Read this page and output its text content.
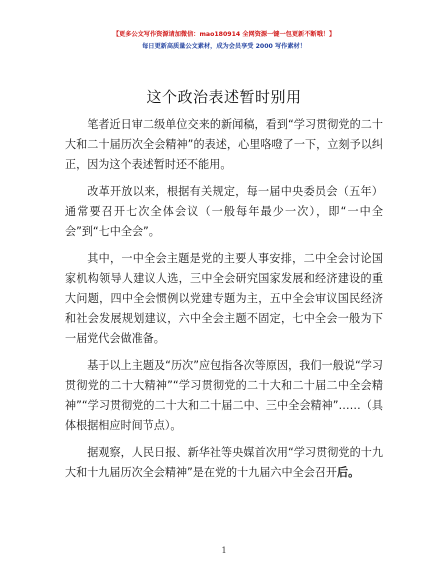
【更多公文写作资源请加微信：mao180914 全网资源一键一包更新不断哦！】
每日更新高质量公文素材，成为会员享受 2000 写作素材！
这个政治表述暂时别用

笔者近日审二级单位交来的新闻稿，看到“学习贯彻党的二十大和二十届历次全会精神”的表述，心里咯噔了一下，立刻予以纠正，因为这个表述暂时还不能用。

改革开放以来，根据有关规定，每一届中央委员会（五年）通常要召开七次全体会议（一般每年最少一次），即“一中全会”到“七中全会”。

其中，一中全会主题是党的主要人事安排，二中全会讨论国家机构领导人建议人选，三中全会研究国家发展和经济建设的重大问题，四中全会惯例以党建专题为主，五中全会审议国民经济和社会发展规划建议，六中全会主题不固定，七中全会一般为下一届党代会做准备。

基于以上主题及“历次”应包指各次等原因，我们一般说“学习贯彻党的二十大精神”“学习贯彻党的二十大和二十届二中全会精神”“学习贯彻党的二十大和二十届二中、三中全会精神”……（具体根据相应时间节点）。

据观察，人民日报、新华社等央媒首次用“学习贯彻党的十九大和十九届历次全会精神”是在党的十九届六中全会召开后。

1
